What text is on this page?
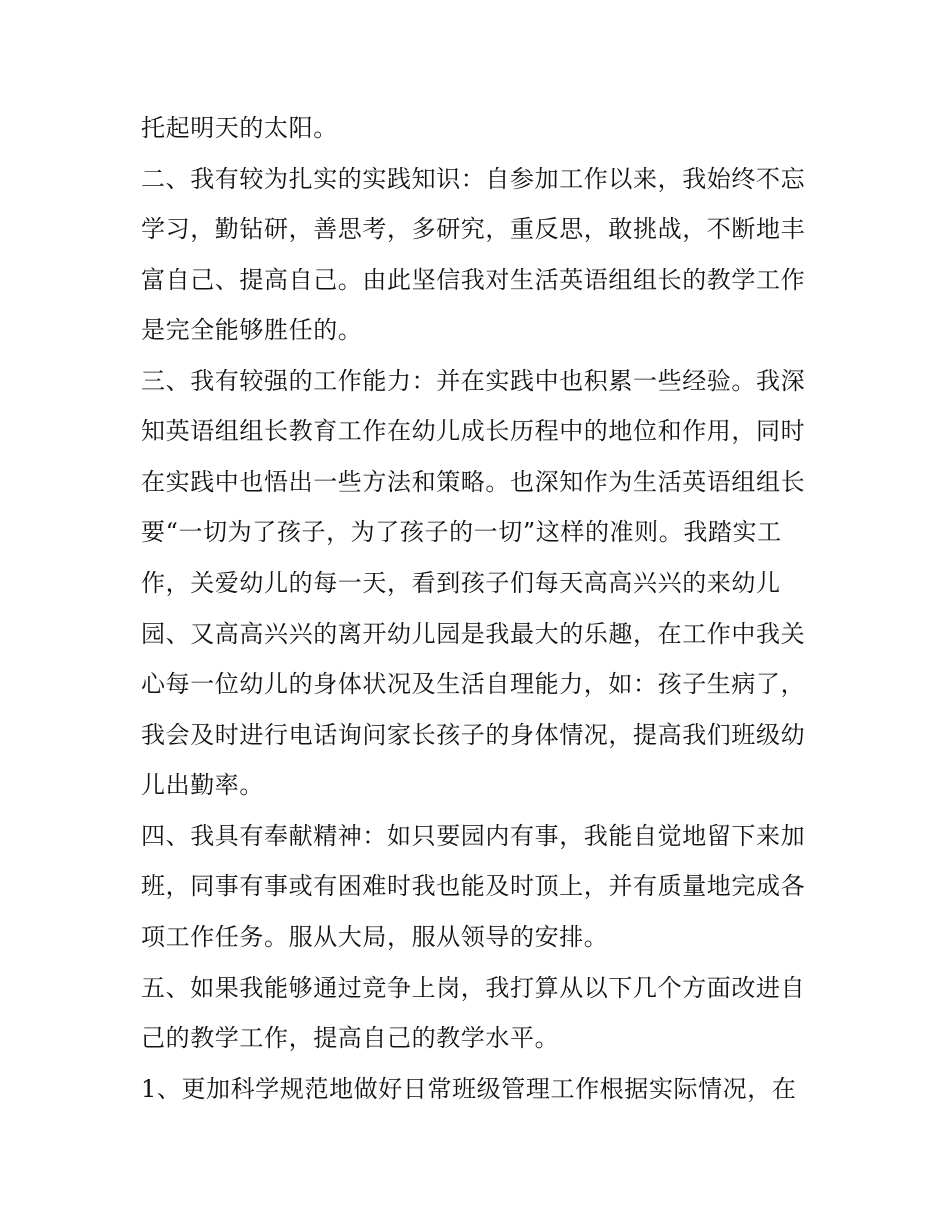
托起明天的太阳。

二、我有较为扎实的实践知识：自参加工作以来，我始终不忘

学习，勤钻研，善思考，多研究，重反思，敢挑战，不断地丰

富自己、提高自己。由此坚信我对生活英语组组长的教学工作

是完全能够胜任的。

三、我有较强的工作能力：并在实践中也积累一些经验。我深

知英语组组长教育工作在幼儿成长历程中的地位和作用，同时

在实践中也悟出一些方法和策略。也深知作为生活英语组组长

要“一切为了孩子，为了孩子的一切”这样的准则。我踏实工

作，关爱幼儿的每一天，看到孩子们每天高高兴兴的来幼儿

园、又高高兴兴的离开幼儿园是我最大的乐趣，在工作中我关

心每一位幼儿的身体状况及生活自理能力，如：孩子生病了，

我会及时进行电话询问家长孩子的身体情况，提高我们班级幼

儿出勤率。

四、我具有奉献精神：如只要园内有事，我能自觉地留下来加

班，同事有事或有困难时我也能及时顶上，并有质量地完成各

项工作任务。服从大局，服从领导的安排。

五、如果我能够通过竞争上岗，我打算从以下几个方面改进自

己的教学工作，提高自己的教学水平。

1、更加科学规范地做好日常班级管理工作根据实际情况，在
